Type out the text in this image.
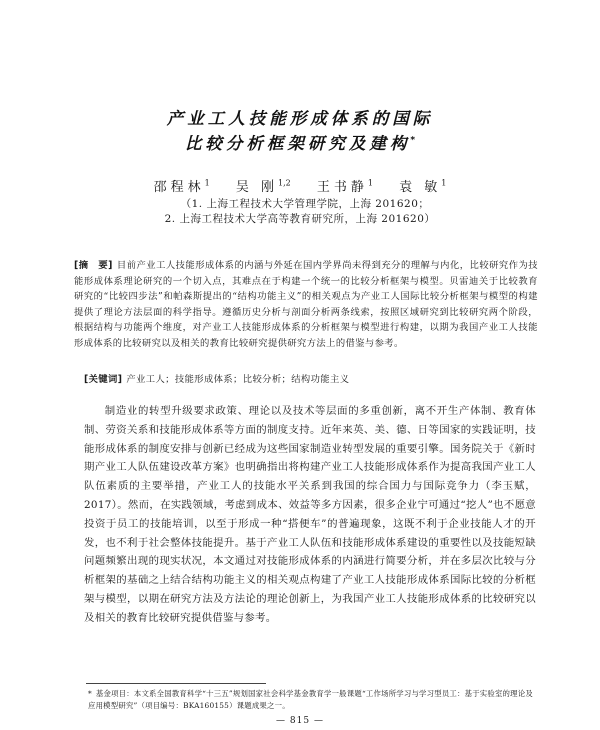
产业工人技能形成体系的国际
比较分析框架研究及建构*
邵程林$^1$ 吴 刚$^{1,2}$ 王书静$^1$ 袁 敏$^1$
（1. 上海工程技术大学管理学院，上海 201620；
2. 上海工程技术大学高等教育研究所，上海 201620）
[摘　要] 目前产业工人技能形成体系的内涵与外延在国内学界尚未得到充分的理解与内化，比较研究作为技能形成体系理论研究的一个切入点，其难点在于构建一个统一的比较分析框架与模型。贝雷迪关于比较教育研究的“比较四步法”和帕森斯提出的“结构功能主义”的相关观点为产业工人国际比较分析框架与模型的构建提供了理论方法层面的科学指导。遵循历史分析与剖面分析两条线索，按照区域研究到比较研究两个阶段，根据结构与功能两个维度，对产业工人技能形成体系的分析框架与模型进行构建，以期为我国产业工人技能形成体系的比较研究以及相关的教育比较研究提供研究方法上的借鉴与参考。
[关键词] 产业工人；技能形成体系；比较分析；结构功能主义
制造业的转型升级要求政策、理论以及技术等层面的多重创新，离不开生产体制、教育体制、劳资关系和技能形成体系等方面的制度支持。近年来英、美、德、日等国家的实践证明，技能形成体系的制度安排与创新已经成为这些国家制造业转型发展的重要引擎。国务院关于《新时期产业工人队伍建设改革方案》也明确指出将构建产业工人技能形成体系作为提高我国产业工人队伍素质的主要举措，产业工人的技能水平关系到我国的综合国力与国际竞争力（李玉赋，2017）。然而，在实践领域，考虑到成本、效益等多方因素，很多企业宁可通过“挖人”也不愿意投资于员工的技能培训，以至于形成一种“搭便车”的普遍现象，这既不利于企业技能人才的开发，也不利于社会整体技能提升。基于产业工人队伍和技能形成体系建设的重要性以及技能短缺问题频繁出现的现实状况，本文通过对技能形成体系的内涵进行简要分析，并在多层次比较与分析框架的基础之上结合结构功能主义的相关观点构建了产业工人技能形成体系国际比较的分析框架与模型，以期在研究方法及方法论的理论创新上，为我国产业工人技能形成体系的比较研究以及相关的教育比较研究提供借鉴与参考。
* 基金项目：本文系全国教育科学“十三五”规划国家社会科学基金教育学一般课题“工作场所学习与学习型员工：基于实验室的理论及应用模型研究”（项目编号：BKA160155）课题成果之一。
— 815 —
